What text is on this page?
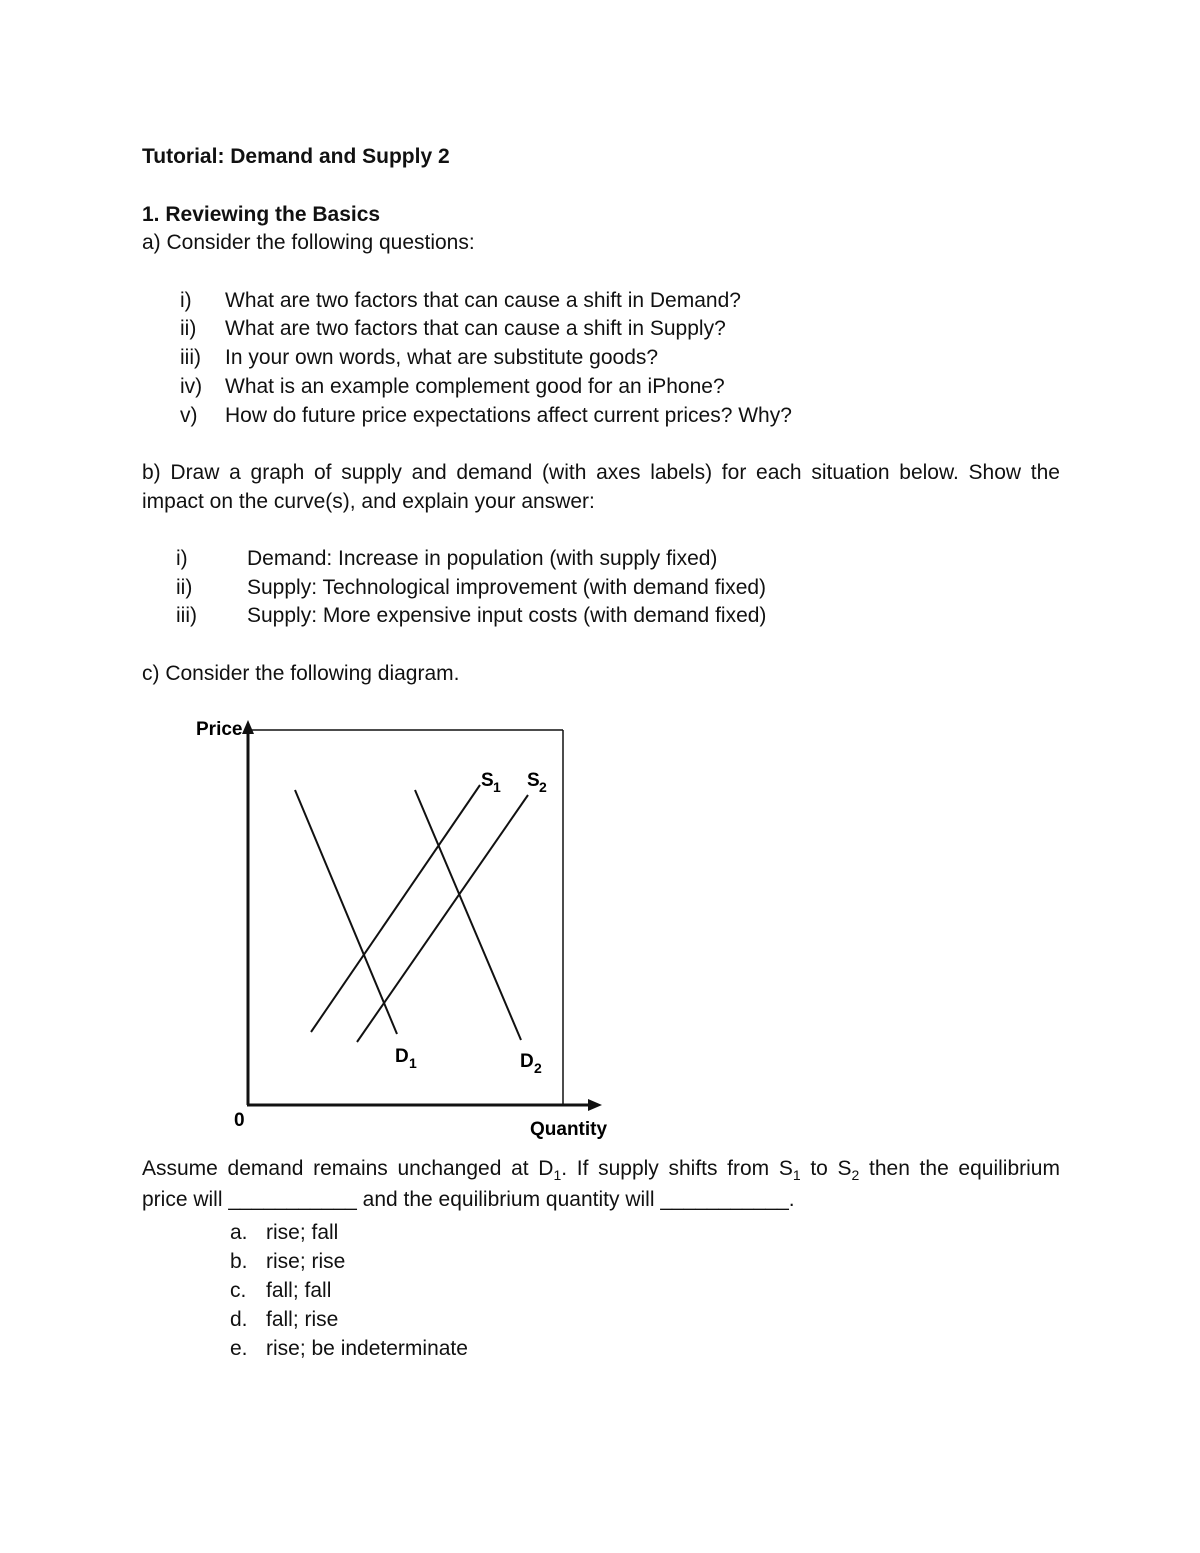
Tutorial: Demand and Supply 2
1. Reviewing the Basics
a) Consider the following questions:
i) What are two factors that can cause a shift in Demand?
ii) What are two factors that can cause a shift in Supply?
iii) In your own words, what are substitute goods?
iv) What is an example complement good for an iPhone?
v) How do future price expectations affect current prices? Why?
b) Draw a graph of supply and demand (with axes labels) for each situation below. Show the
impact on the curve(s), and explain your answer:
i)	Demand: Increase in population (with supply fixed)
ii)	Supply: Technological improvement (with demand fixed)
iii) Supply: More expensive input costs (with demand fixed)
c) Consider the following diagram.
Price
0	Quantity
S 1 S 2
D 1	D 2
Assume demand remains unchanged at $D_1$. If supply shifts from $S_1$ to $S_2$ then the equilibrium
price will ___________ and the equilibrium quantity will ___________.
a. rise; fall
b. rise; rise
c. fall; fall
d. fall; rise
e. rise; be indeterminate
